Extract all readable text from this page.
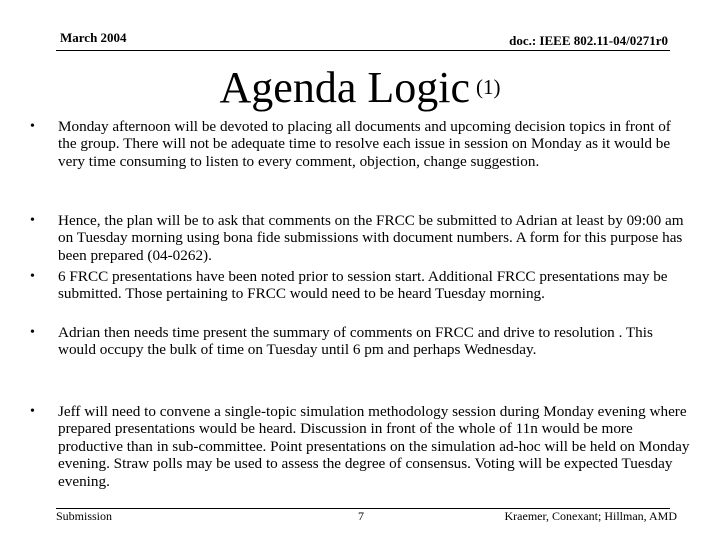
March 2004	doc.: IEEE 802.11-04/0271r0
Agenda Logic $^{(1)}$
• Monday afternoon will be devoted to placing all documents and upcoming decision topics in front of the group. There will not be adequate time to resolve each issue in session on Monday as it would be very time consuming to listen to every comment, objection, change suggestion.
• Hence, the plan will be to ask that comments on the FRCC be submitted to Adrian at least by 09:00 am on Tuesday morning using bona fide submissions with document numbers. A form for this purpose has been prepared (04-0262).
• 6 FRCC presentations have been noted prior to session start. Additional FRCC presentations may be submitted. Those pertaining to FRCC would need to be heard Tuesday morning.
• Adrian then needs time present the summary of comments on FRCC and drive to resolution . This would occupy the bulk of time on Tuesday until 6 pm and perhaps Wednesday.
• Jeff will need to convene a single-topic simulation methodology session during Monday evening where prepared presentations would be heard. Discussion in front of the whole of 11n would be more productive than in sub-committee. Point presentations on the simulation ad-hoc will be held on Monday evening. Straw polls may be used to assess the degree of consensus. Voting will be expected Tuesday evening.
Submission	7	Kraemer, Conexant; Hillman, AMD
